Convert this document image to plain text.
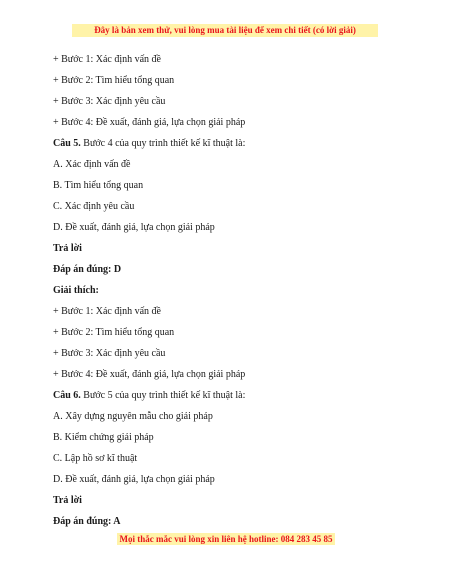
Đây là bản xem thử, vui lòng mua tài liệu để xem chi tiết (có lời giải)
+ Bước 1: Xác định vấn đề
+ Bước 2: Tìm hiểu tổng quan
+ Bước 3: Xác định yêu cầu
+ Bước 4: Đề xuất, đánh giá, lựa chọn giải pháp
Câu 5. Bước 4 của quy trình thiết kế kĩ thuật là:
A. Xác định vấn đề
B. Tìm hiểu tổng quan
C. Xác định yêu cầu
D. Đề xuất, đánh giá, lựa chọn giải pháp
Trả lời
Đáp án đúng: D
Giải thích:
+ Bước 1: Xác định vấn đề
+ Bước 2: Tìm hiểu tổng quan
+ Bước 3: Xác định yêu cầu
+ Bước 4: Đề xuất, đánh giá, lựa chọn giải pháp
Câu 6. Bước 5 của quy trình thiết kế kĩ thuật là:
A. Xây dựng nguyên mẫu cho giải pháp
B. Kiểm chứng giải pháp
C. Lập hồ sơ kĩ thuật
D. Đề xuất, đánh giá, lựa chọn giải pháp
Trả lời
Đáp án đúng: A
Mọi thắc mắc vui lòng xin liên hệ hotline: 084 283 45 85
